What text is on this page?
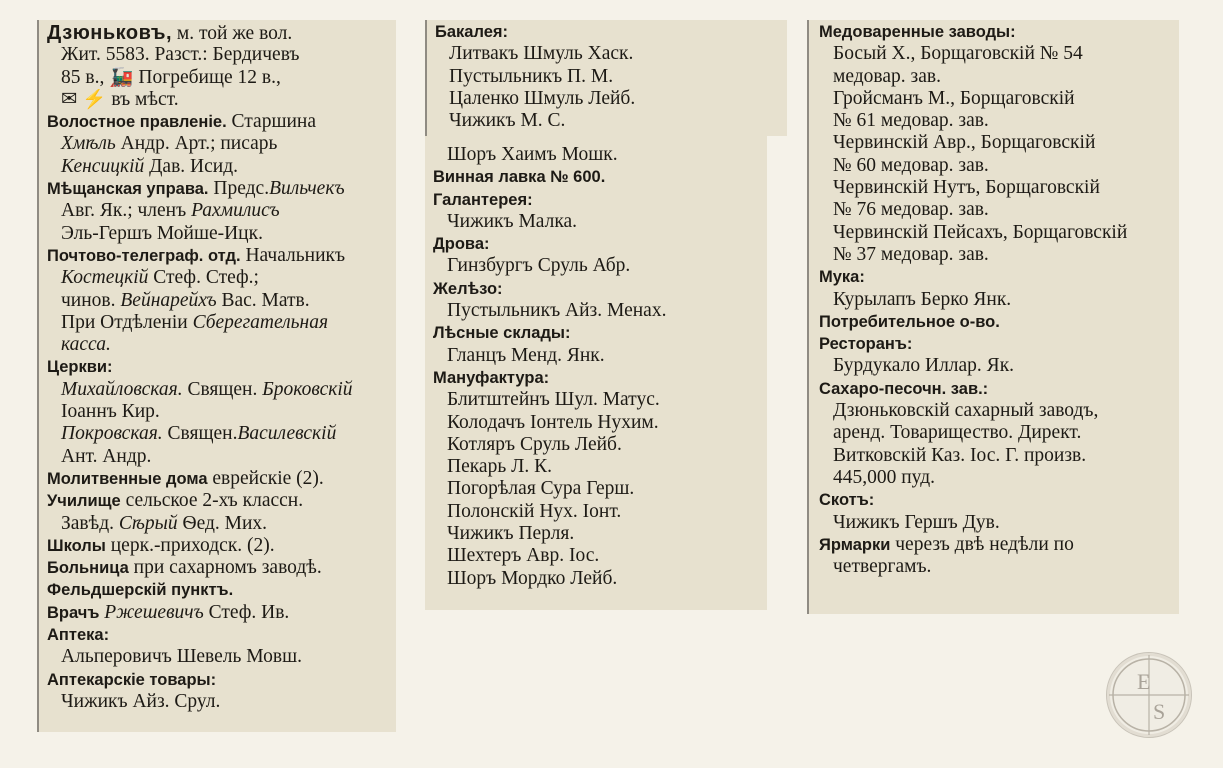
Дзюньковъ, м. той же вол.
Жит. 5583. Разст.: Бердичевъ
85 в., 🚂 Погребище 12 в.,
✉ ⚡ въ мѣст.
Волостное правленіе. Старшина
Хмѣль Андр. Арт.; писарь
Кенсицкій Дав. Исид.
Мѣщанская управа. Предс.Вильчекъ
Авг. Як.; членъ Рахмилисъ
Эль-Гершъ Мойше-Ицк.
Почтово-телеграф. отд. Начальникъ
Костецкій Стеф. Стеф.;
чинов. Вейнарейхъ Вас. Матв.
При Отдѣленіи Сберегательная
касса.
Церкви:
Михайловская. Священ. Броковскій
Іоаннъ Кир.
Покровская. Священ.Василевскій
Ант. Андр.
Молитвенные дома еврейскіе (2).
Училище сельское 2-хъ классн.
Завѣд. Сѣрый Ѳед. Мих.
Школы церк.-приходск. (2).
Больница при сахарномъ заводѣ.
Фельдшерскій пунктъ.
Врачъ Ржешевичъ Стеф. Ив.
Аптека:
Альперовичъ Шевель Мовш.
Аптекарскіе товары:
Чижикъ Айз. Срул.
Бакалея:
Литвакъ Шмуль Хаск.
Пустыльникъ П. М.
Цаленко Шмуль Лейб.
Чижикъ М. С.
Шоръ Хаимъ Мошк.
Винная лавка № 600.
Галантерея:
Чижикъ Малка.
Дрова:
Гинзбургъ Сруль Абр.
Желѣзо:
Пустыльникъ Айз. Менах.
Лѣсные склады:
Гланцъ Менд. Янк.
Мануфактура:
Блитштейнъ Шул. Матус.
Колодачъ Іонтель Нухим.
Котляръ Сруль Лейб.
Пекарь Л. К.
Погорѣлая Сура Герш.
Полонскій Нух. Іонт.
Чижикъ Перля.
Шехтеръ Авр. Іос.
Шоръ Мордко Лейб.
Медоваренные заводы:
Босый Х., Борщаговскій № 54
медовар. зав.
Гройсманъ М., Борщаговскій
№ 61 медовар. зав.
Червинскій Авр., Борщаговскій
№ 60 медовар. зав.
Червинскій Нутъ, Борщаговскій
№ 76 медовар. зав.
Червинскій Пейсахъ, Борщаговскій
№ 37 медовар. зав.
Мука:
Курылапъ Берко Янк.
Потребительное о-во.
Ресторанъ:
Бурдукало Иллар. Як.
Сахаро-песочн. зав.:
Дзюньковскій сахарный заводъ,
аренд. Товарищество. Директ.
Витковскій Каз. Іос. Г. произв.
445,000 пуд.
Скотъ:
Чижикъ Гершъ Дув.
Ярмарки черезъ двѣ недѣли по
четвергамъ.
E
S
